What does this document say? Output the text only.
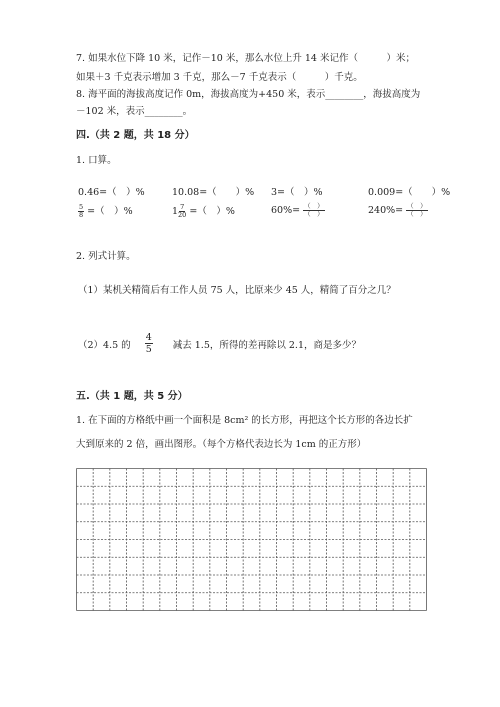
7. 如果水位下降 10 米，记作－10 米，那么水位上升 14 米记作（　　　）米；
如果＋3 千克表示增加 3 千克，那么－7 千克表示（　　　）千克。
8. 海平面的海拔高度记作 0m，海拔高度为+450 米，表示________，海拔高度为
－102 米，表示________。
四.（共 2 题，共 18 分）
1. 口算。
0.46=（　）%	10.08=（　　）% 3=（　）%	0.009=（　　）%
$\frac{5}{8}$ =（　）%	$1 \frac{7}{20}$ =（　）%	$60\%= \frac{( )}{( )}$	$240\%= \frac{( )}{( )}$
2. 列式计算。
（1）某机关精简后有工作人员 75 人，比原来少 45 人，精简了百分之几？
（2）4.5 的 $\frac{4}{5}$ 减去 1.5，所得的差再除以 2.1，商是多少？
五.（共 1 题，共 5 分）
1. 在下面的方格纸中画一个面积是 8cm² 的长方形，再把这个长方形的各边长扩
大到原来的 2 倍，画出图形。（每个方格代表边长为 1cm 的正方形）
